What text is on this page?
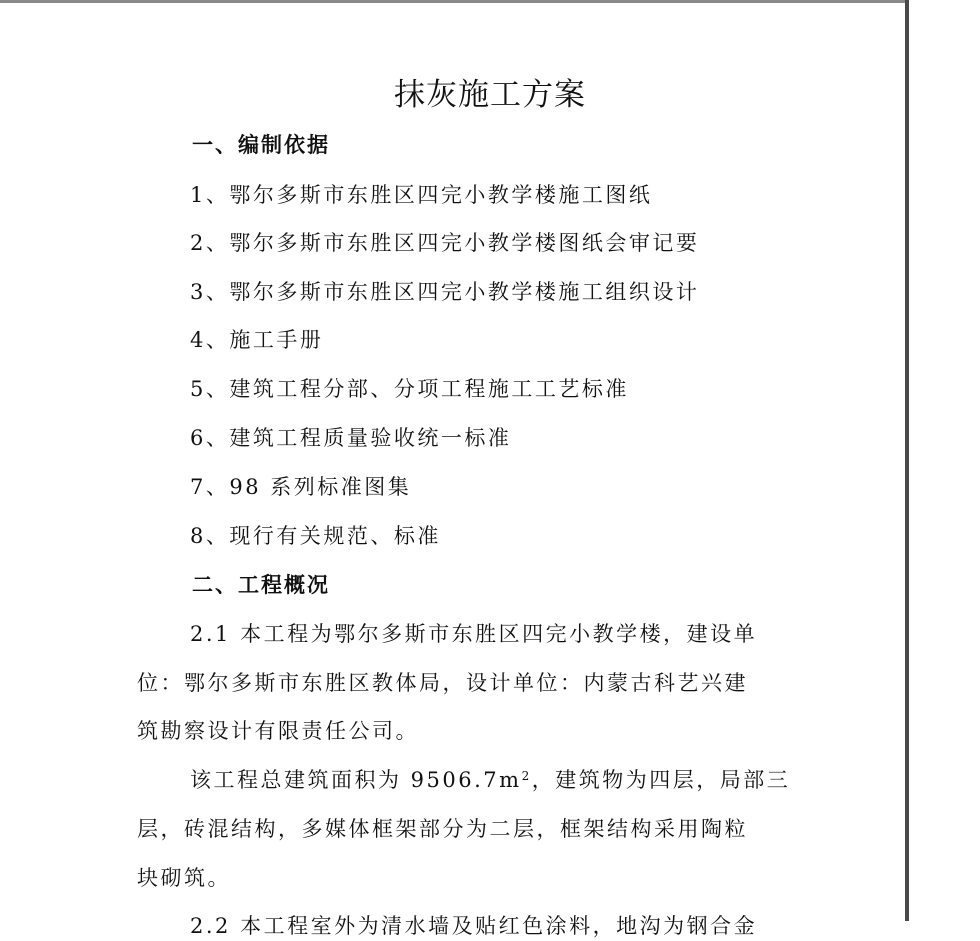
抹灰施工方案
一、编制依据

1、鄂尔多斯市东胜区四完小教学楼施工图纸

2、鄂尔多斯市东胜区四完小教学楼图纸会审记要

3、鄂尔多斯市东胜区四完小教学楼施工组织设计

4、施工手册

5、建筑工程分部、分项工程施工工艺标准

6、建筑工程质量验收统一标准

7、98 系列标准图集

8、现行有关规范、标准

二、工程概况

2.1 本工程为鄂尔多斯市东胜区四完小教学楼，建设单

位：鄂尔多斯市东胜区教体局，设计单位：内蒙古科艺兴建

筑勘察设计有限责任公司。

该工程总建筑面积为 $9506.7m^2$，建筑物为四层，局部三

层，砖混结构，多媒体框架部分为二层，框架结构采用陶粒

块砌筑。

2.2 本工程室外为清水墙及贴红色涂料，地沟为钢合金
